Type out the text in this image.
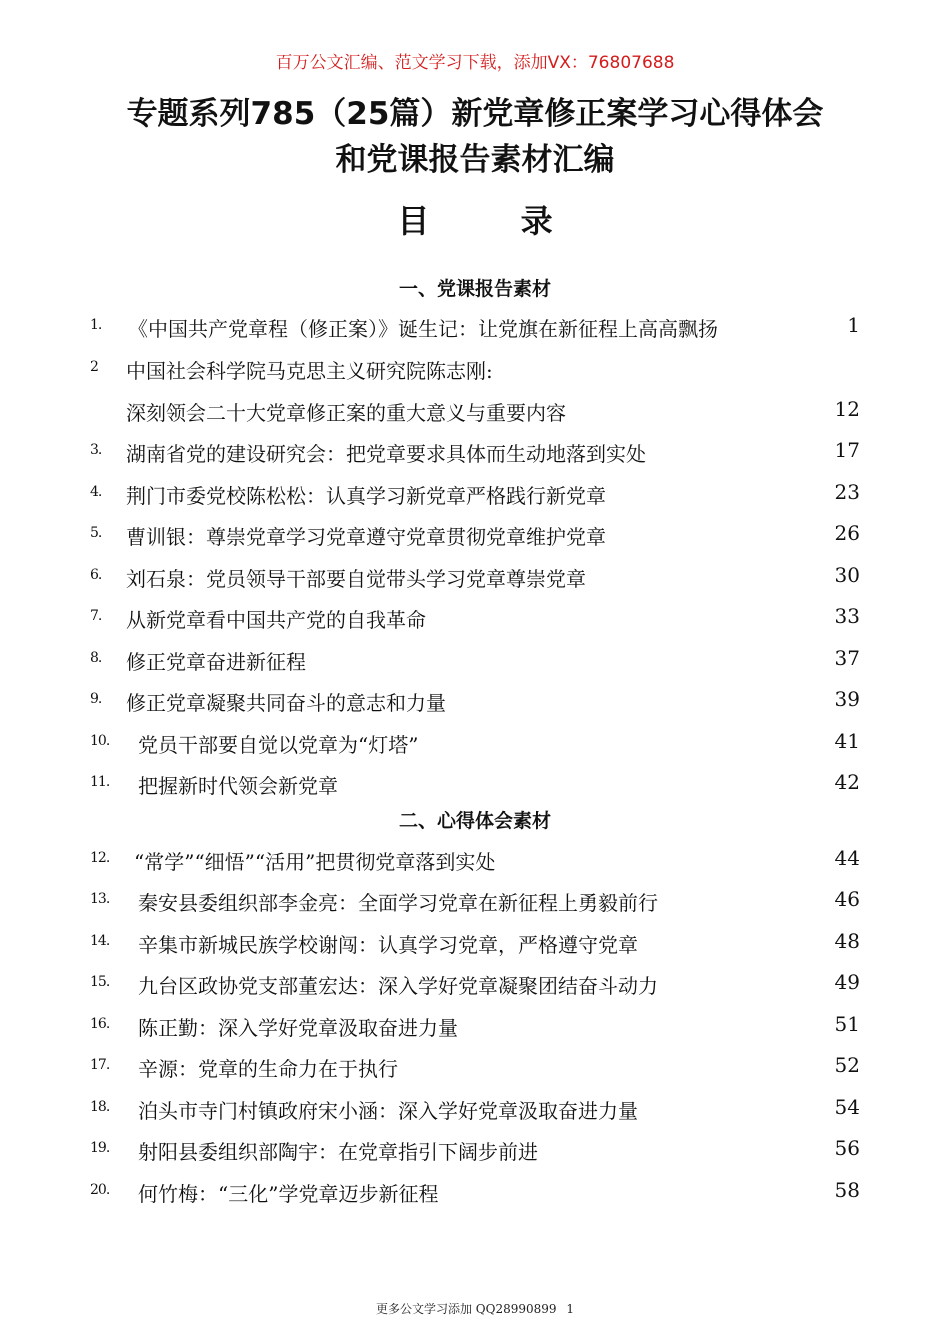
百万公文汇编、范文学习下载，添加VX：76807688
专题系列785（25篇）新党章修正案学习心得体会
和党课报告素材汇编
目 录
一、党课报告素材
1. 《中国共产党章程（修正案）》诞生记：让党旗在新征程上高高飘扬	1
2 中国社会科学院马克思主义研究院陈志刚:
深刻领会二十大党章修正案的重大意义与重要内容	12
3. 湖南省党的建设研究会：把党章要求具体而生动地落到实处	17
4. 荆门市委党校陈松松：认真学习新党章严格践行新党章	23
5. 曹训银：尊崇党章学习党章遵守党章贯彻党章维护党章	26
6. 刘石泉：党员领导干部要自觉带头学习党章尊崇党章	30
7. 从新党章看中国共产党的自我革命	33
8. 修正党章奋进新征程	37
9. 修正党章凝聚共同奋斗的意志和力量	39
10. 党员干部要自觉以党章为“灯塔”	41
11. 把握新时代领会新党章	42
二、心得体会素材
12. “常学”“细悟”“活用”把贯彻党章落到实处	44
13. 秦安县委组织部李金亮：全面学习党章在新征程上勇毅前行	46
14. 辛集市新城民族学校谢闯：认真学习党章，严格遵守党章	48
15. 九台区政协党支部董宏达：深入学好党章凝聚团结奋斗动力	49
16. 陈正勤：深入学好党章汲取奋进力量	51
17. 辛源：党章的生命力在于执行	52
18. 泊头市寺门村镇政府宋小涵：深入学好党章汲取奋进力量	54
19. 射阳县委组织部陶宇：在党章指引下阔步前进	56
20. 何竹梅：“三化”学党章迈步新征程	58
更多公文学习添加 QQ28990899 1
